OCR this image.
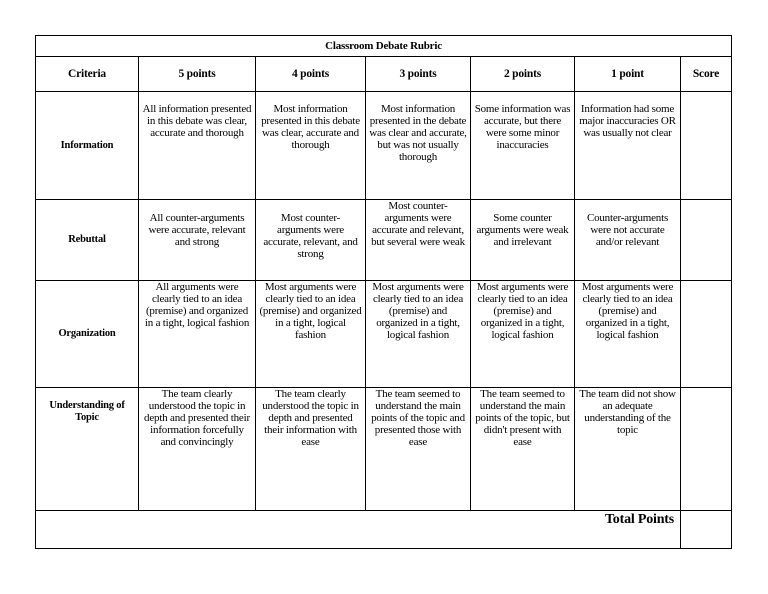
Classroom Debate Rubric						
Criteria	5 points	4 points	3 points	2 points	1 point	Score
Information	All information presented in this debate was clear, accurate and thorough	Most information presented in this debate was clear, accurate and thorough	Most information presented in the debate was clear and accurate, but was not usually thorough	Some information was accurate, but there were some minor inaccuracies	Information had some major inaccuracies OR was usually not clear	
Rebuttal	All counter-arguments were accurate, relevant and strong	Most counter-arguments were accurate, relevant, and strong	Most counter-arguments were accurate and relevant, but several were weak	Some counter arguments were weak and irrelevant	Counter-arguments were not accurate and/or relevant	

Organization	All arguments were clearly tied to an idea (premise) and organized in a tight, logical fashion	Most arguments were clearly tied to an idea (premise) and organized in a tight, logical fashion	Most arguments were clearly tied to an idea (premise) and organized in a tight, logical fashion	Most arguments were clearly tied to an idea (premise) and organized in a tight, logical fashion	Most arguments were clearly tied to an idea (premise) and organized in a tight, logical fashion	
Understanding of Topic	The team clearly understood the topic in depth and presented their information forcefully and convincingly	The team clearly understood the topic in depth and presented their information with ease	The team seemed to understand the main points of the topic and presented those with ease	The team seemed to understand the main points of the topic, but didn't present with ease	The team did not show an adequate understanding of the topic	
Total Points						
